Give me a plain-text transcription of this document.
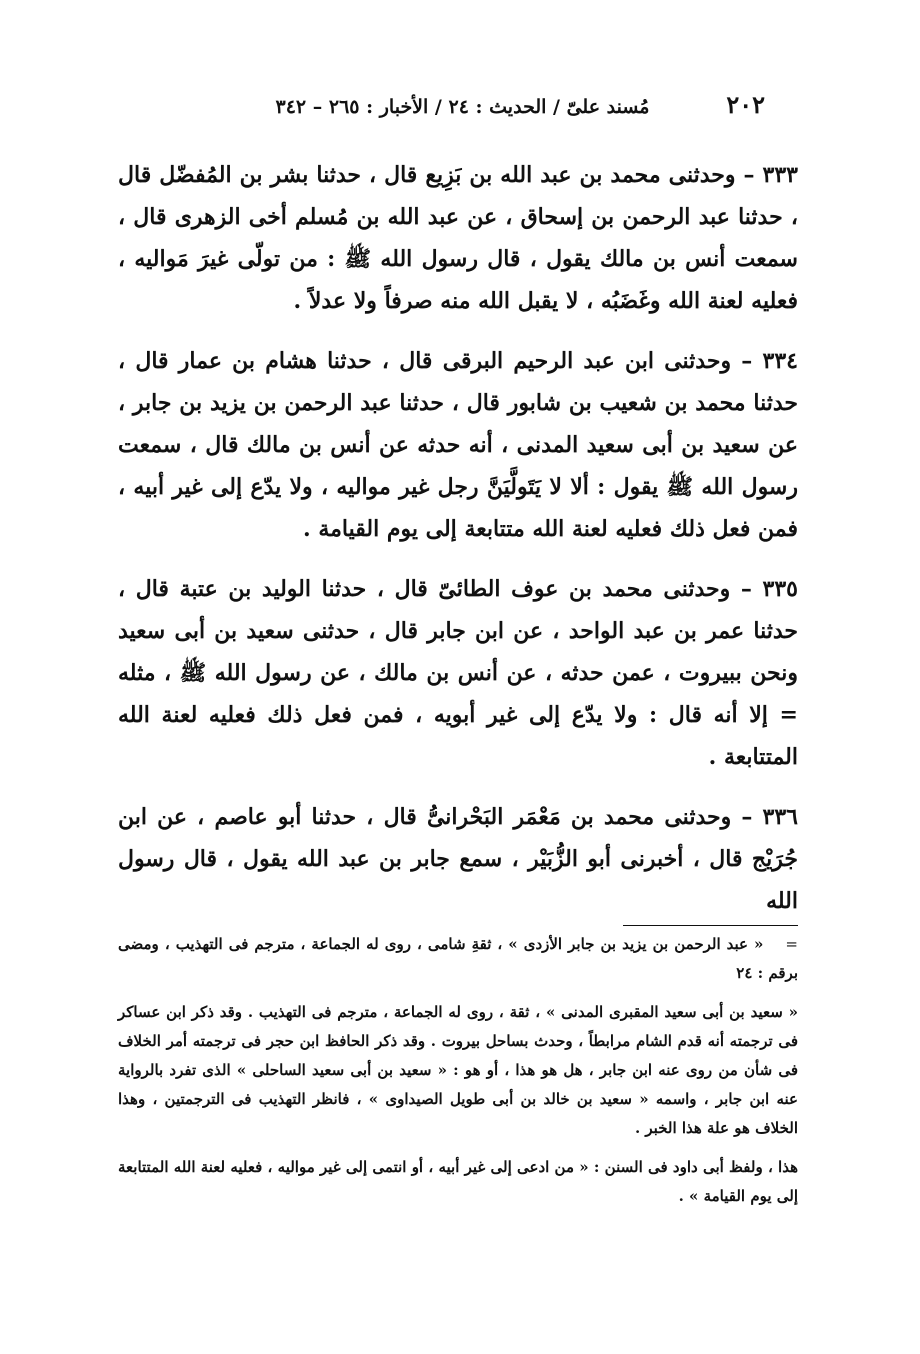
٢٠٢
مُسند علىّ / الحديث : ٢٤ / الأخبار : ٢٦٥ – ٣٤٢

٣٣٣ – وحدثنى محمد بن عبد الله بن بَزِيع قال ، حدثنا بشر بن المُفضّل قال ، حدثنا عبد الرحمن بن إسحاق ، عن عبد الله بن مُسلم أخى الزهرى قال ، سمعت أنس بن مالك يقول ، قال رسول الله ﷺ : من تولّى غيرَ مَواليه ، فعليه لعنة الله وغَضَبُه ، لا يقبل الله منه صرفاً ولا عدلاً .

٣٣٤ – وحدثنى ابن عبد الرحيم البرقى قال ، حدثنا هشام بن عمار قال ، حدثنا محمد بن شعيب بن شابور قال ، حدثنا عبد الرحمن بن يزيد بن جابر ، عن سعيد بن أبى سعيد المدنى ، أنه حدثه عن أنس بن مالك قال ، سمعت رسول الله ﷺ يقول : ألا لا يَتَولَّيَنَّ رجل غير مواليه ، ولا يدّع إلى غير أبيه ، فمن فعل ذلك فعليه لعنة الله متتابعة إلى يوم القيامة .

٣٣٥ – وحدثنى محمد بن عوف الطائىّ قال ، حدثنا الوليد بن عتبة قال ، حدثنا عمر بن عبد الواحد ، عن ابن جابر قال ، حدثنى سعيد بن أبى سعيد ونحن ببيروت ، عمن حدثه ، عن أنس بن مالك ، عن رسول الله ﷺ ، مثله = إلا أنه قال : ولا يدّع إلى غير أبويه ، فمن فعل ذلك فعليه لعنة الله المتتابعة .

٣٣٦ – وحدثنى محمد بن مَعْمَر البَحْرانىُّ قال ، حدثنا أبو عاصم ، عن ابن جُرَيْج قال ، أخبرنى أبو الزُّبَيْر ، سمع جابر بن عبد الله يقول ، قال رسول الله

=« عبد الرحمن بن يزيد بن جابر الأزدى » ، ثقةِ شامى ، روى له الجماعة ، مترجم فى التهذيب ، ومضى برقم : ٢٤

« سعيد بن أبى سعيد المقبرى المدنى » ، ثقة ، روى له الجماعة ، مترجم فى التهذيب . وقد ذكر ابن عساكر فى ترجمته أنه قدم الشام مرابطاً ، وحدث بساحل بيروت . وقد ذكر الحافظ ابن حجر فى ترجمته أمر الخلاف فى شأن من روى عنه ابن جابر ، هل هو هذا ، أو هو : « سعيد بن أبى سعيد الساحلى » الذى تفرد بالرواية عنه ابن جابر ، واسمه « سعيد بن خالد بن أبى طويل الصيداوى » ، فانظر التهذيب فى الترجمتين ، وهذا الخلاف هو علة هذا الخبر .

هذا ، ولفظ أبى داود فى السنن : « من ادعى إلى غير أبيه ، أو انتمى إلى غير مواليه ، فعليه لعنة الله المتتابعة إلى يوم القيامة » .
